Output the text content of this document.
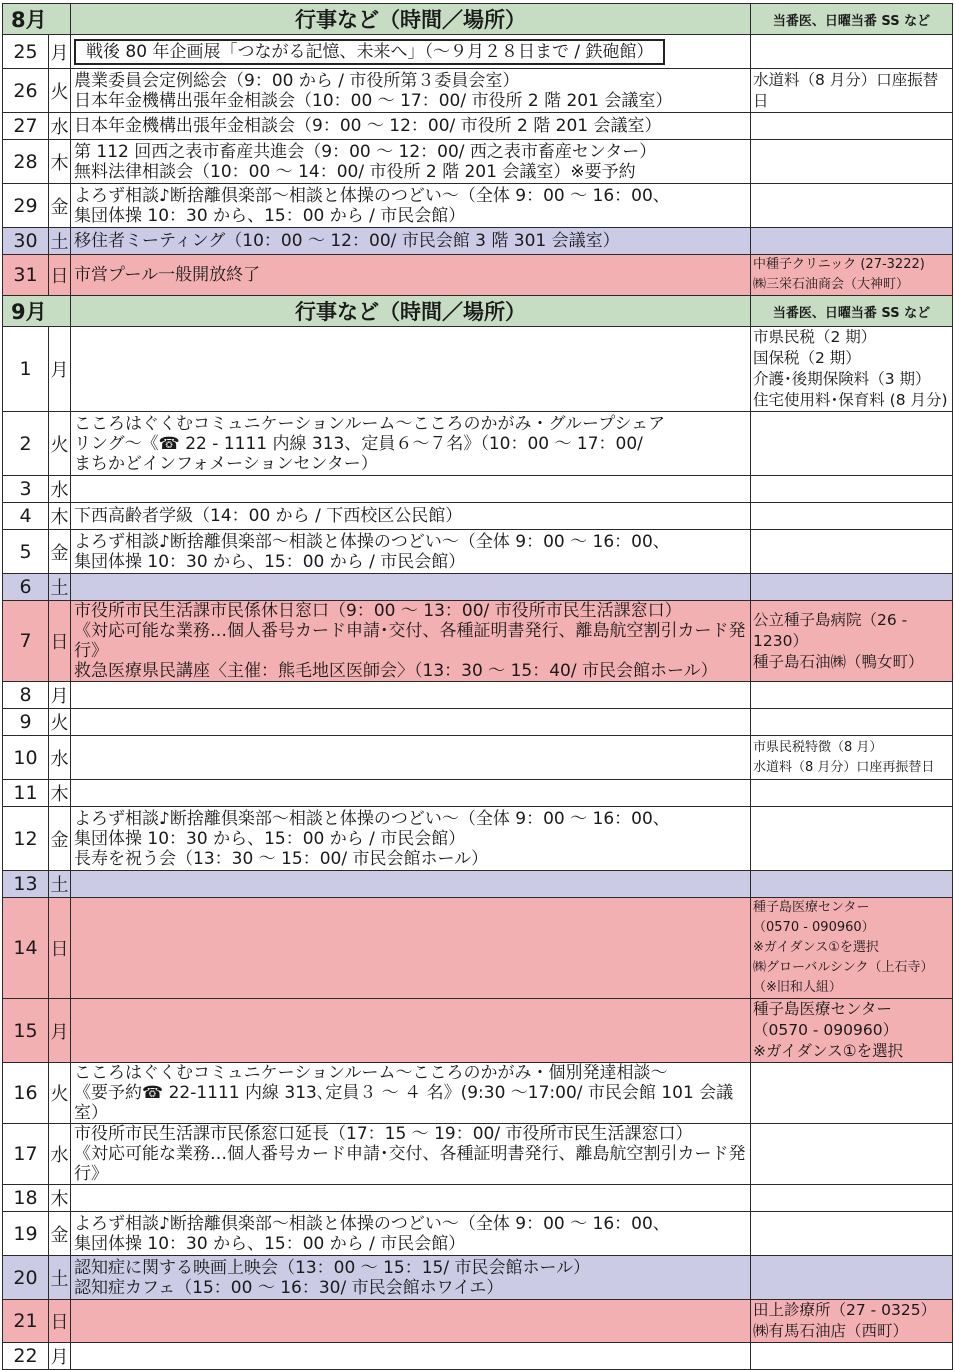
8月		行事など（時間／場所）	当番医、日曜当番 SS など
25	月	戦後 80 年企画展「つながる記憶、未来へ」（～９月２８日まで / 鉄砲館）	
26	火	農業委員会定例総会（9：00 から / 市役所第３委員会室）
日本年金機構出張年金相談会（10：00 ～ 17：00/ 市役所 2 階 201 会議室）	水道料（8 月分）口座振替日
27	水	日本年金機構出張年金相談会（9：00 ～ 12：00/ 市役所 2 階 201 会議室）	
28	木	第 112 回西之表市畜産共進会（9：00 ～ 12：00/ 西之表市畜産センター）
無料法律相談会（10：00 ～ 14：00/ 市役所 2 階 201 会議室）※要予約	
29	金	よろず相談♪断捨離倶楽部～相談と体操のつどい～（全体 9：00 ～ 16：00、
集団体操 10：30 から、15：00 から / 市民会館）	
30	土	移住者ミーティング（10：00 ～ 12：00/ 市民会館 3 階 301 会議室）	
31	日	市営プール一般開放終了	中種子クリニック (27-3222)
㈱三栄石油商会（大神町）
9月		行事など（時間／場所）	当番医、日曜当番 SS など
1	月		市県民税（2 期）
国保税（2 期）
介護･後期保険料（3 期）
住宅使用料･保育料 (8 月分)
2	火	こころはぐくむコミュニケーションルーム～こころのかがみ・グループシェア
リング～《☎ 22 - 1111 内線 313、定員６～７名》（10：00 ～ 17：00/
まちかどインフォメーションセンター）	
3	水		
4	木	下西高齢者学級（14：00 から / 下西校区公民館）	
5	金	よろず相談♪断捨離倶楽部～相談と体操のつどい～（全体 9：00 ～ 16：00、
集団体操 10：30 から、15：00 から / 市民会館）	
6	土		
7	日	市役所市民生活課市民係休日窓口（9：00 ～ 13：00/ 市役所市民生活課窓口）
《対応可能な業務…個人番号カード申請･交付、各種証明書発行、離島航空割引カード発行》
救急医療県民講座〈主催：熊毛地区医師会〉（13：30 ～ 15：40/ 市民会館ホール）	公立種子島病院（26 - 1230）
種子島石油㈱（鴨女町）
8	月		
9	火		
10	水		市県民税特徴（8 月）
水道料（8 月分）口座再振替日
11	木		
12	金	よろず相談♪断捨離倶楽部～相談と体操のつどい～（全体 9：00 ～ 16：00、
集団体操 10：30 から、15：00 から / 市民会館）
長寿を祝う会（13：30 ～ 15：00/ 市民会館ホール）	
13	土		
14	日		種子島医療センター
（0570 - 090960）
※ガイダンス①を選択
㈱グローバルシンク（上石寺）
（※旧和人組）
15	月		種子島医療センター
（0570 - 090960）
※ガイダンス①を選択
16	火	こころはぐくむコミュニケーションルーム～こころのかがみ・個別発達相談～
《要予約☎ 22-1111 内線 313､定員３ ～ ４ 名》(9:30 ～17:00/ 市民会館 101 会議室）	
17	水	市役所市民生活課市民係窓口延長（17：15 ～ 19：00/ 市役所市民生活課窓口）
《対応可能な業務…個人番号カード申請･交付、各種証明書発行、離島航空割引カード発行》	
18	木		
19	金	よろず相談♪断捨離倶楽部～相談と体操のつどい～（全体 9：00 ～ 16：00、
集団体操 10：30 から、15：00 から / 市民会館）	
20	土	認知症に関する映画上映会（13：00 ～ 15：15/ 市民会館ホール）
認知症カフェ（15：00 ～ 16：30/ 市民会館ホワイエ）	
21	日		田上診療所（27 - 0325）
㈱有馬石油店（西町）
22	月		
